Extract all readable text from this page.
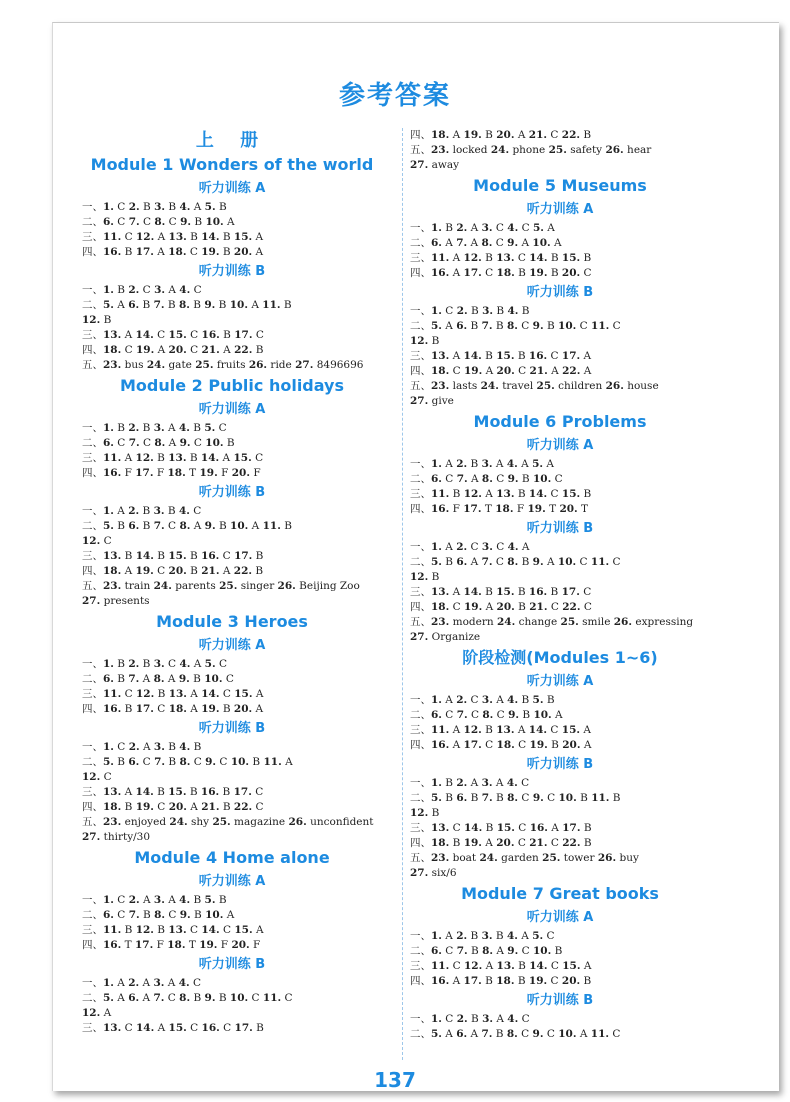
参考答案
上 册
Module 1 Wonders of the world
听力训练 A
一、1. C 2. B 3. B 4. A 5. B
二、6. C 7. C 8. C 9. B 10. A
三、11. C 12. A 13. B 14. B 15. A
四、16. B 17. A 18. C 19. B 20. A
听力训练 B
一、1. B 2. C 3. A 4. C
二、5. A 6. B 7. B 8. B 9. B 10. A 11. B
12. B
三、13. A 14. C 15. C 16. B 17. C
四、18. C 19. A 20. C 21. A 22. B
五、23. bus 24. gate 25. fruits 26. ride 27. 8496696
Module 2 Public holidays
听力训练 A
一、1. B 2. B 3. A 4. B 5. C
二、6. C 7. C 8. A 9. C 10. B
三、11. A 12. B 13. B 14. A 15. C
四、16. F 17. F 18. T 19. F 20. F
听力训练 B
一、1. A 2. B 3. B 4. C
二、5. B 6. B 7. C 8. A 9. B 10. A 11. B
12. C
三、13. B 14. B 15. B 16. C 17. B
四、18. A 19. C 20. B 21. A 22. B
五、23. train 24. parents 25. singer 26. Beijing Zoo
27. presents
Module 3 Heroes
听力训练 A
一、1. B 2. B 3. C 4. A 5. C
二、6. B 7. A 8. A 9. B 10. C
三、11. C 12. B 13. A 14. C 15. A
四、16. B 17. C 18. A 19. B 20. A
听力训练 B
一、1. C 2. A 3. B 4. B
二、5. B 6. C 7. B 8. C 9. C 10. B 11. A
12. C
三、13. A 14. B 15. B 16. B 17. C
四、18. B 19. C 20. A 21. B 22. C
五、23. enjoyed 24. shy 25. magazine 26. unconfident
27. thirty/30
Module 4 Home alone
听力训练 A
一、1. C 2. A 3. A 4. B 5. B
二、6. C 7. B 8. C 9. B 10. A
三、11. B 12. B 13. C 14. C 15. A
四、16. T 17. F 18. T 19. F 20. F
听力训练 B
一、1. A 2. A 3. A 4. C
二、5. A 6. A 7. C 8. B 9. B 10. C 11. C
12. A
三、13. C 14. A 15. C 16. C 17. B
四、18. A 19. B 20. A 21. C 22. B
五、23. locked 24. phone 25. safety 26. hear
27. away
Module 5 Museums
听力训练 A
一、1. B 2. A 3. C 4. C 5. A
二、6. A 7. A 8. C 9. A 10. A
三、11. A 12. B 13. C 14. B 15. B
四、16. A 17. C 18. B 19. B 20. C
听力训练 B
一、1. C 2. B 3. B 4. B
二、5. A 6. B 7. B 8. C 9. B 10. C 11. C
12. B
三、13. A 14. B 15. B 16. C 17. A
四、18. C 19. A 20. C 21. A 22. A
五、23. lasts 24. travel 25. children 26. house
27. give
Module 6 Problems
听力训练 A
一、1. A 2. B 3. A 4. A 5. A
二、6. C 7. A 8. C 9. B 10. C
三、11. B 12. A 13. B 14. C 15. B
四、16. F 17. T 18. F 19. T 20. T
听力训练 B
一、1. A 2. C 3. C 4. A
二、5. B 6. A 7. C 8. B 9. A 10. C 11. C
12. B
三、13. A 14. B 15. B 16. B 17. C
四、18. C 19. A 20. B 21. C 22. C
五、23. modern 24. change 25. smile 26. expressing
27. Organize
阶段检测(Modules 1~6)
听力训练 A
一、1. A 2. C 3. A 4. B 5. B
二、6. C 7. C 8. C 9. B 10. A
三、11. A 12. B 13. A 14. C 15. A
四、16. A 17. C 18. C 19. B 20. A
听力训练 B
一、1. B 2. A 3. A 4. C
二、5. B 6. B 7. B 8. C 9. C 10. B 11. B
12. B
三、13. C 14. B 15. C 16. A 17. B
四、18. B 19. A 20. C 21. C 22. B
五、23. boat 24. garden 25. tower 26. buy
27. six/6
Module 7 Great books
听力训练 A
一、1. A 2. B 3. B 4. A 5. C
二、6. C 7. B 8. A 9. C 10. B
三、11. C 12. A 13. B 14. C 15. A
四、16. A 17. B 18. B 19. C 20. B
听力训练 B
一、1. C 2. B 3. A 4. C
二、5. A 6. A 7. B 8. C 9. C 10. A 11. C
137
